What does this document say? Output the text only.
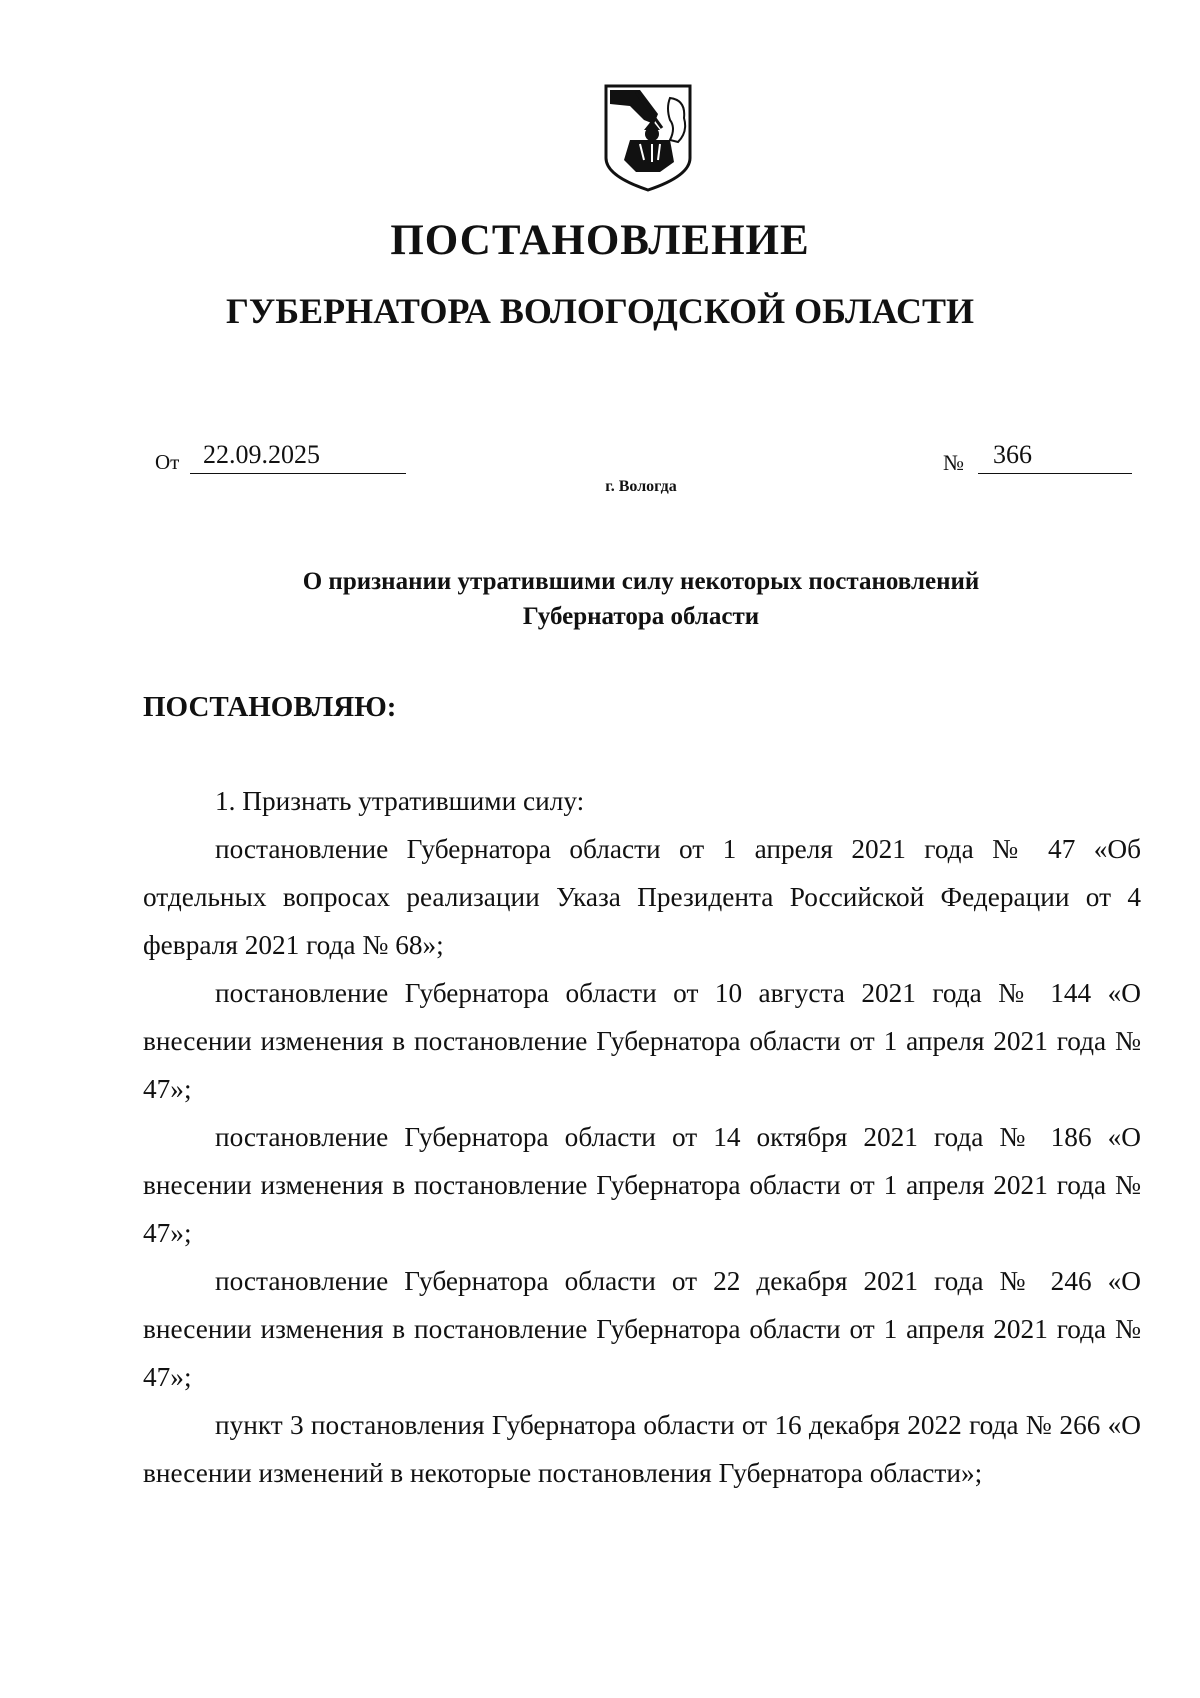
ПОСТАНОВЛЕНИЕ
ГУБЕРНАТОРА ВОЛОГОДСКОЙ ОБЛАСТИ
От 22.09.2025	№ 366
г. Вологда
О признании утратившими силу некоторых постановлений
Губернатора области
ПОСТАНОВЛЯЮ:

1. Признать утратившими силу:

постановление Губернатора области от 1 апреля 2021 года № 47 «Об отдельных вопросах реализации Указа Президента Российской Федерации от 4 февраля 2021 года № 68»;

постановление Губернатора области от 10 августа 2021 года № 144 «О внесении изменения в постановление Губернатора области от 1 апреля 2021 года № 47»;

постановление Губернатора области от 14 октября 2021 года № 186 «О внесении изменения в постановление Губернатора области от 1 апреля 2021 года № 47»;

постановление Губернатора области от 22 декабря 2021 года № 246 «О внесении изменения в постановление Губернатора области от 1 апреля 2021 года № 47»;

пункт 3 постановления Губернатора области от 16 декабря 2022 года № 266 «О внесении изменений в некоторые постановления Губернатора области»;
